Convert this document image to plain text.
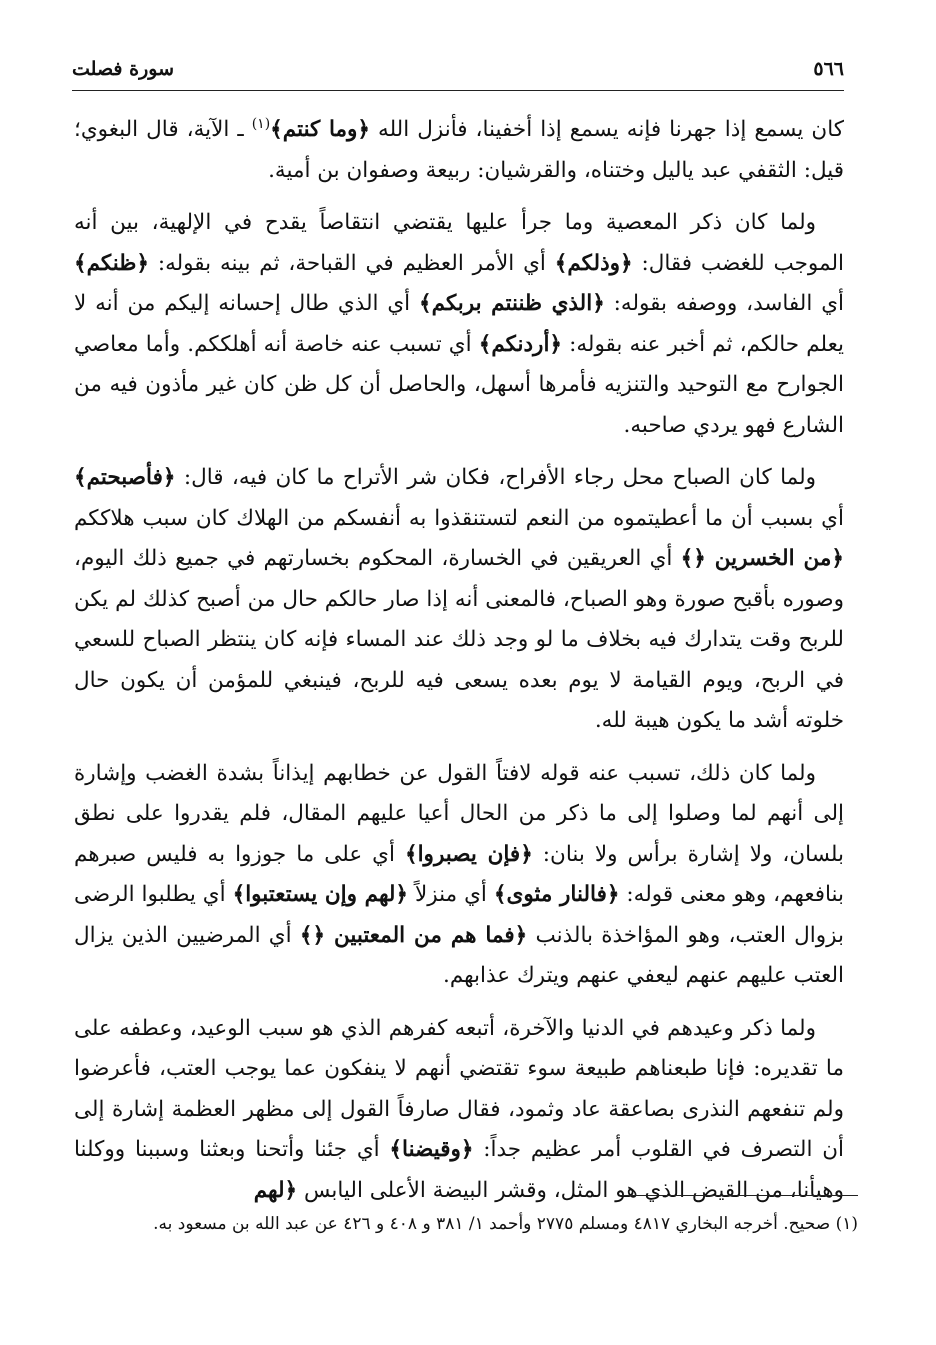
٥٦٦
سورة فصلت

كان يسمع إذا جهرنا فإنه يسمع إذا أخفينا، فأنزل الله ﴿وما كنتم﴾$^{(١)}$ ـ الآية، قال البغوي؛ قيل: الثقفي عبد ياليل وختناه، والقرشيان: ربيعة وصفوان بن أمية.

ولما كان ذكر المعصية وما جرأ عليها يقتضي انتقاصاً يقدح في الإلهية، بين أنه الموجب للغضب فقال: ﴿وذلكم﴾ أي الأمر العظيم في القباحة، ثم بينه بقوله: ﴿ظنكم﴾ أي الفاسد، ووصفه بقوله: ﴿الذي ظننتم بربكم﴾ أي الذي طال إحسانه إليكم من أنه لا يعلم حالكم، ثم أخبر عنه بقوله: ﴿أردنكم﴾ أي تسبب عنه خاصة أنه أهلككم. وأما معاصي الجوارح مع التوحيد والتنزيه فأمرها أسهل، والحاصل أن كل ظن كان غير مأذون فيه من الشارع فهو يردي صاحبه.

ولما كان الصباح محل رجاء الأفراح، فكان شر الأتراح ما كان فيه، قال: ﴿فأصبحتم﴾ أي بسبب أن ما أعطيتموه من النعم لتستنقذوا به أنفسكم من الهلاك كان سبب هلاككم ﴿من الخسرين ﴿﴾ أي العريقين في الخسارة، المحكوم بخسارتهم في جميع ذلك اليوم، وصوره بأقبح صورة وهو الصباح، فالمعنى أنه إذا صار حالكم حال من أصبح كذلك لم يكن للربح وقت يتدارك فيه بخلاف ما لو وجد ذلك عند المساء فإنه كان ينتظر الصباح للسعي في الربح، ويوم القيامة لا يوم بعده يسعى فيه للربح، فينبغي للمؤمن أن يكون حال خلوته أشد ما يكون هيبة لله.

ولما كان ذلك، تسبب عنه قوله لافتاً القول عن خطابهم إيذاناً بشدة الغضب وإشارة إلى أنهم لما وصلوا إلى ما ذكر من الحال أعيا عليهم المقال، فلم يقدروا على نطق بلسان، ولا إشارة برأس ولا بنان: ﴿فإن يصبروا﴾ أي على ما جوزوا به فليس صبرهم بنافعهم، وهو معنى قوله: ﴿فالنار مثوى﴾ أي منزلاً ﴿لهم وإن يستعتبوا﴾ أي يطلبوا الرضى بزوال العتب، وهو المؤاخذة بالذنب ﴿فما هم من المعتبين ﴿﴾ أي المرضيين الذين يزال العتب عليهم عنهم ليعفي عنهم ويترك عذابهم.

ولما ذكر وعيدهم في الدنيا والآخرة، أتبعه كفرهم الذي هو سبب الوعيد، وعطفه على ما تقديره: فإنا طبعناهم طبيعة سوء تقتضي أنهم لا ينفكون عما يوجب العتب، فأعرضوا ولم تنفعهم النذرى بصاعقة عاد وثمود، فقال صارفاً القول إلى مظهر العظمة إشارة إلى أن التصرف في القلوب أمر عظيم جداً: ﴿وقيضنا﴾ أي جئنا وأتحنا وبعثنا وسببنا ووكلنا وهيأنا، من القيض الذي هو المثل، وقشر البيضة الأعلى اليابس ﴿لهم

(١) صحيح. أخرجه البخاري ٤٨١٧ ومسلم ٢٧٧٥ وأحمد ١/ ٣٨١ و ٤٠٨ و ٤٢٦ عن عبد الله بن مسعود به.
